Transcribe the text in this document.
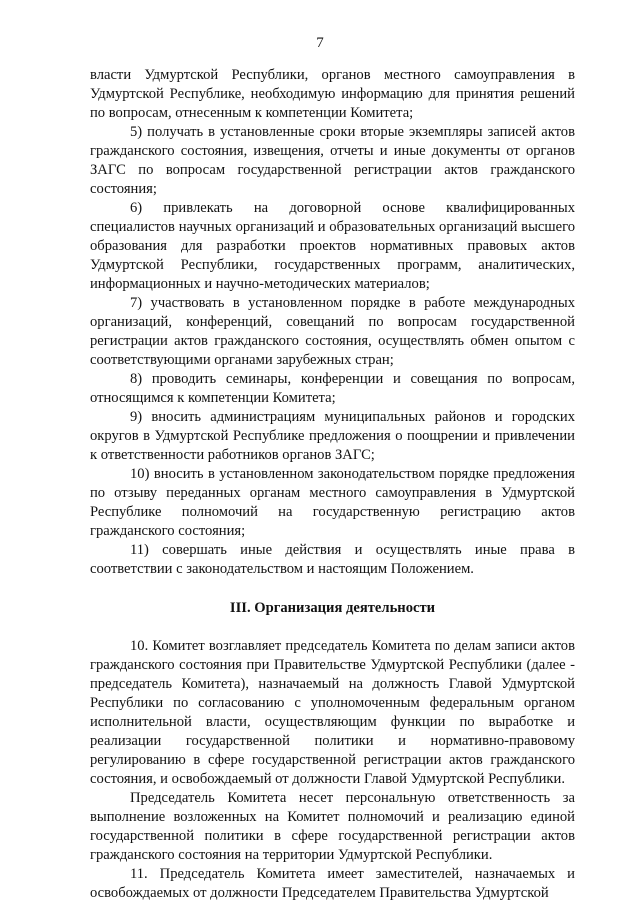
7

власти Удмуртской Республики, органов местного самоуправления в Удмуртской Республике, необходимую информацию для принятия решений по вопросам, отнесенным к компетенции Комитета;

5) получать в установленные сроки вторые экземпляры записей актов гражданского состояния, извещения, отчеты и иные документы от органов ЗАГС по вопросам государственной регистрации актов гражданского состояния;

6) привлекать на договорной основе квалифицированных специалистов научных организаций и образовательных организаций высшего образования для разработки проектов нормативных правовых актов Удмуртской Республики, государственных программ, аналитических, информационных и научно-методических материалов;

7) участвовать в установленном порядке в работе международных организаций, конференций, совещаний по вопросам государственной регистрации актов гражданского состояния, осуществлять обмен опытом с соответствующими органами зарубежных стран;

8) проводить семинары, конференции и совещания по вопросам, относящимся к компетенции Комитета;

9) вносить администрациям муниципальных районов и городских округов в Удмуртской Республике предложения о поощрении и привлечении к ответственности работников органов ЗАГС;

10) вносить в установленном законодательством порядке предложения по отзыву переданных органам местного самоуправления в Удмуртской Республике полномочий на государственную регистрацию актов гражданского состояния;

11) совершать иные действия и осуществлять иные права в соответствии с законодательством и настоящим Положением.

III. Организация деятельности

10. Комитет возглавляет председатель Комитета по делам записи актов гражданского состояния при Правительстве Удмуртской Республики (далее - председатель Комитета), назначаемый на должность Главой Удмуртской Республики по согласованию с уполномоченным федеральным органом исполнительной власти, осуществляющим функции по выработке и реализации государственной политики и нормативно-правовому регулированию в сфере государственной регистрации актов гражданского состояния, и освобождаемый от должности Главой Удмуртской Республики.

Председатель Комитета несет персональную ответственность за выполнение возложенных на Комитет полномочий и реализацию единой государственной политики в сфере государственной регистрации актов гражданского состояния на территории Удмуртской Республики.

11. Председатель Комитета имеет заместителей, назначаемых и освобождаемых от должности Председателем Правительства Удмуртской
